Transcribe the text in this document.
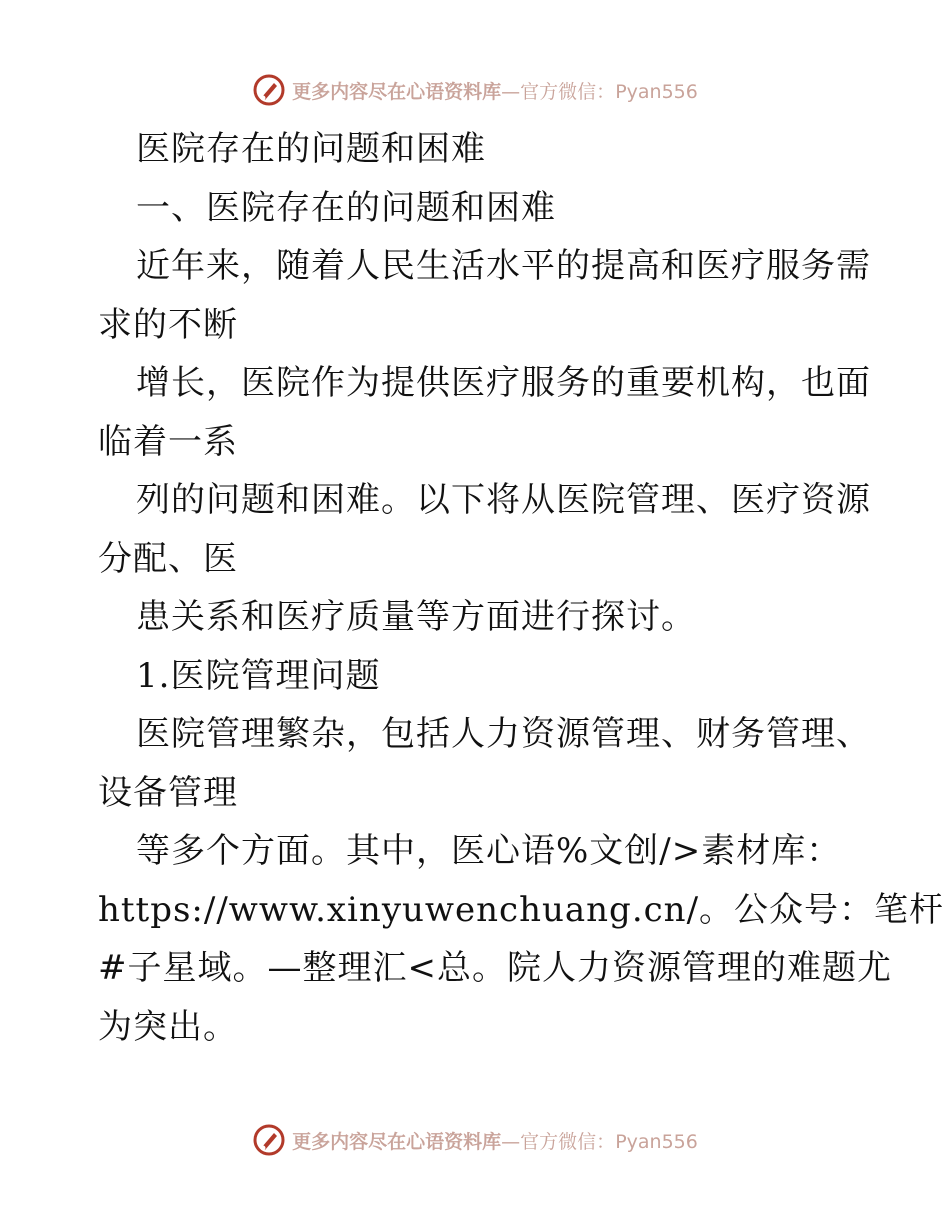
更多内容尽在心语资料库 — 官方微信： Pyan556
医院存在的问题和困难
一、医院存在的问题和困难
近年来，随着人民生活水平的提高和医疗服务需
求的不断
增长，医院作为提供医疗服务的重要机构，也面
临着一系
列的问题和困难。以下将从医院管理、医疗资源
分配、医
患关系和医疗质量等方面进行探讨。
1.医院管理问题
医院管理繁杂，包括人力资源管理、财务管理、
设备管理
等多个方面。其中，医心语%文创/>素材库：
https://www.xinyuwenchuang.cn/。公众号：笔杆
#子星域。—整理汇<总。院人力资源管理的难题尤
为突出。
更多内容尽在心语资料库 — 官方微信： Pyan556
